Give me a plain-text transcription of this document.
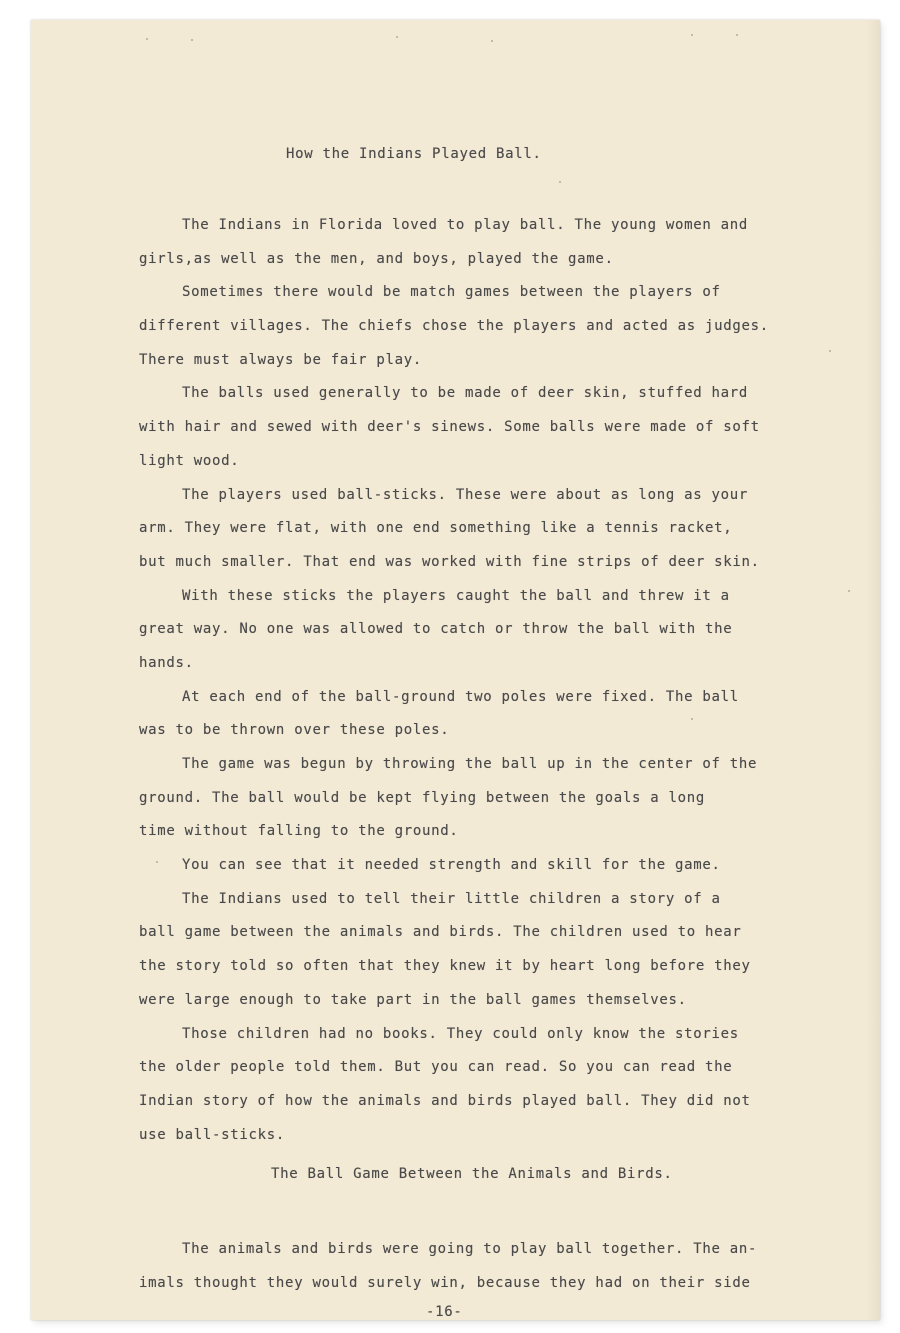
How the Indians Played Ball.
The Indians in Florida loved to play ball. The young women and
girls,as well as the men, and boys, played the game.
Sometimes there would be match games between the players of
different villages. The chiefs chose the players and acted as judges.
There must always be fair play.
The balls used generally to be made of deer skin, stuffed hard
with hair and sewed with deer's sinews. Some balls were made of soft
light wood.
The players used ball-sticks. These were about as long as your
arm. They were flat, with one end something like a tennis racket,
but much smaller. That end was worked with fine strips of deer skin.
With these sticks the players caught the ball and threw it a
great way. No one was allowed to catch or throw the ball with the
hands.
At each end of the ball-ground two poles were fixed. The ball
was to be thrown over these poles.
The game was begun by throwing the ball up in the center of the
ground. The ball would be kept flying between the goals a long
time without falling to the ground.
You can see that it needed strength and skill for the game.
The Indians used to tell their little children a story of a
ball game between the animals and birds. The children used to hear
the story told so often that they knew it by heart long before they
were large enough to take part in the ball games themselves.
Those children had no books. They could only know the stories
the older people told them. But you can read. So you can read the
Indian story of how the animals and birds played ball. They did not
use ball-sticks.
The Ball Game Between the Animals and Birds.
The animals and birds were going to play ball together. The an-
imals thought they would surely win, because they had on their side
-16-
